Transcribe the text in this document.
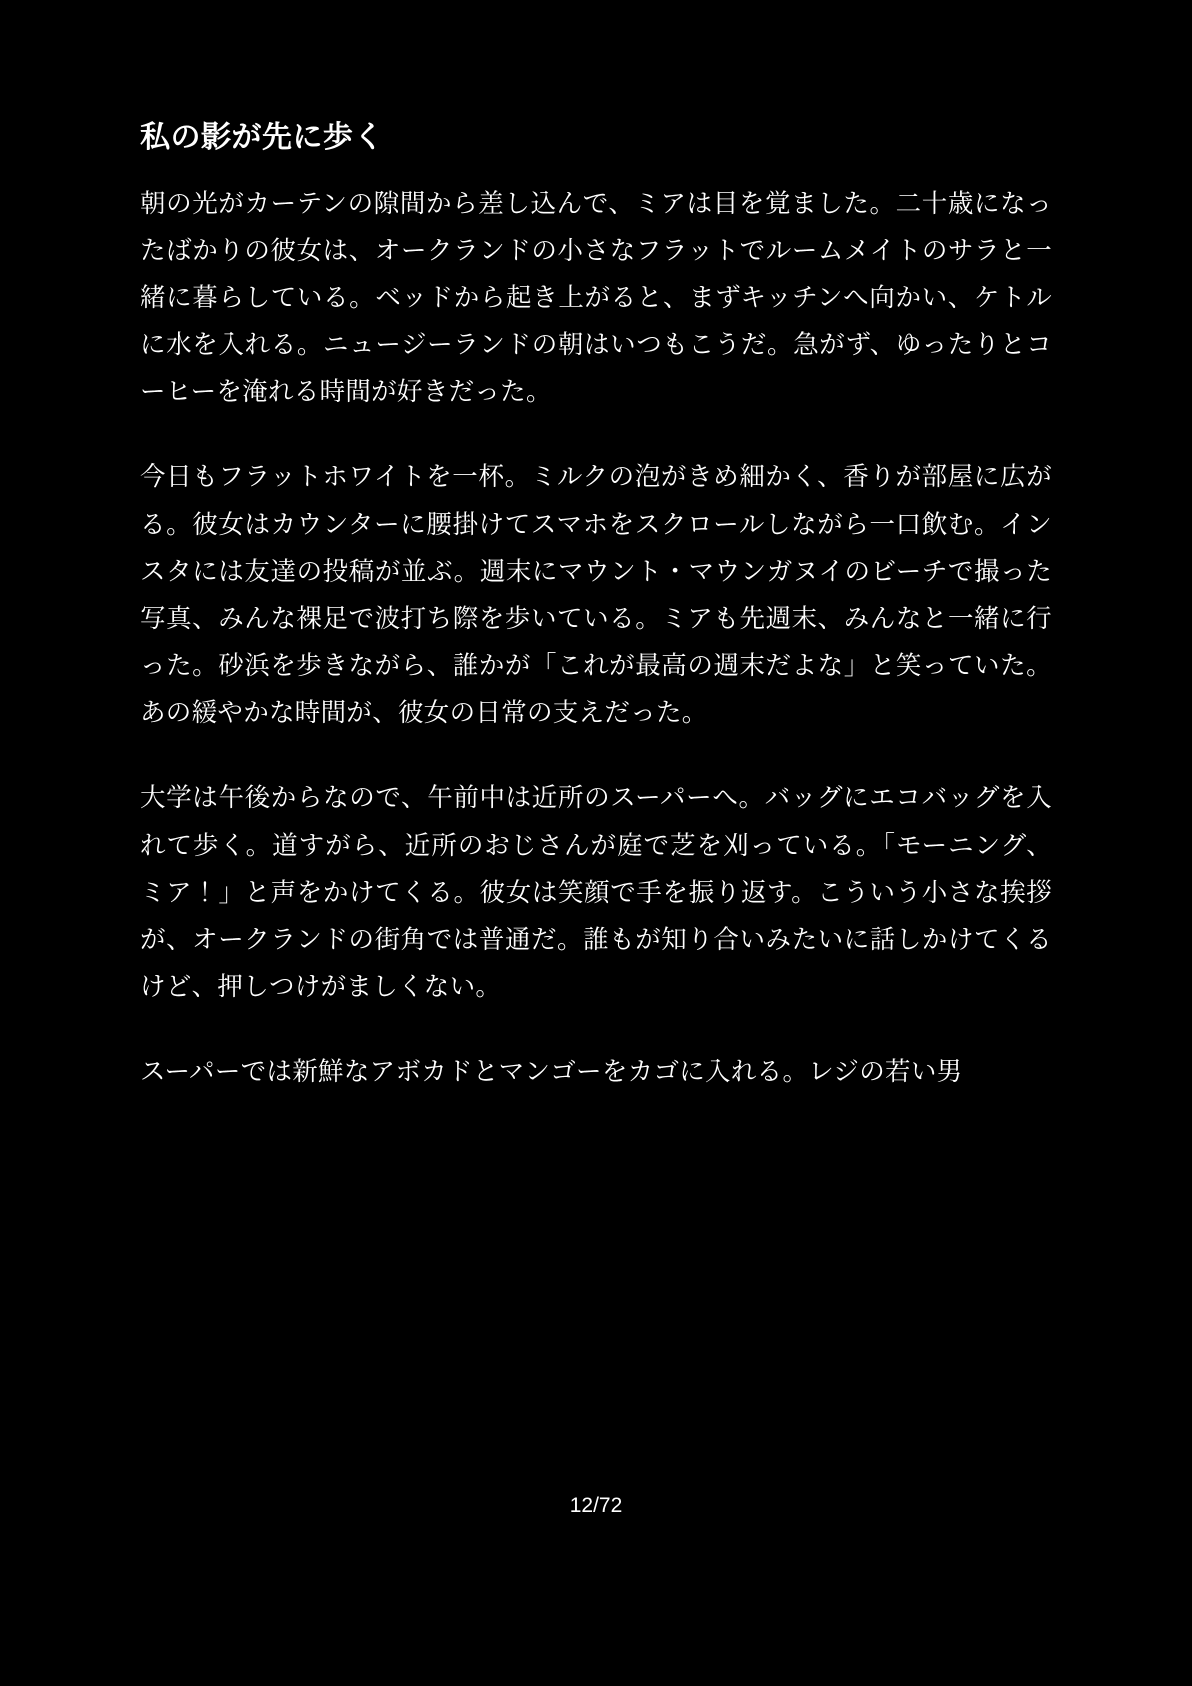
私の影が先に歩く

朝の光がカーテンの隙間から差し込んで、ミアは目を覚ました。二十歳になったばかりの彼女は、オークランドの小さなフラットでルームメイトのサラと一緒に暮らしている。ベッドから起き上がると、まずキッチンへ向かい、ケトルに水を入れる。ニュージーランドの朝はいつもこうだ。急がず、ゆったりとコーヒーを淹れる時間が好きだった。

今日もフラットホワイトを一杯。ミルクの泡がきめ細かく、香りが部屋に広がる。彼女はカウンターに腰掛けてスマホをスクロールしながら一口飲む。インスタには友達の投稿が並ぶ。週末にマウント・マウンガヌイのビーチで撮った写真、みんな裸足で波打ち際を歩いている。ミアも先週末、みんなと一緒に行った。砂浜を歩きながら、誰かが「これが最高の週末だよな」と笑っていた。あの緩やかな時間が、彼女の日常の支えだった。

大学は午後からなので、午前中は近所のスーパーへ。バッグにエコバッグを入れて歩く。道すがら、近所のおじさんが庭で芝を刈っている。「モーニング、ミア！」と声をかけてくる。彼女は笑顔で手を振り返す。こういう小さな挨拶が、オークランドの街角では普通だ。誰もが知り合いみたいに話しかけてくるけど、押しつけがましくない。

スーパーでは新鮮なアボカドとマンゴーをカゴに入れる。レジの若い男

12/72
